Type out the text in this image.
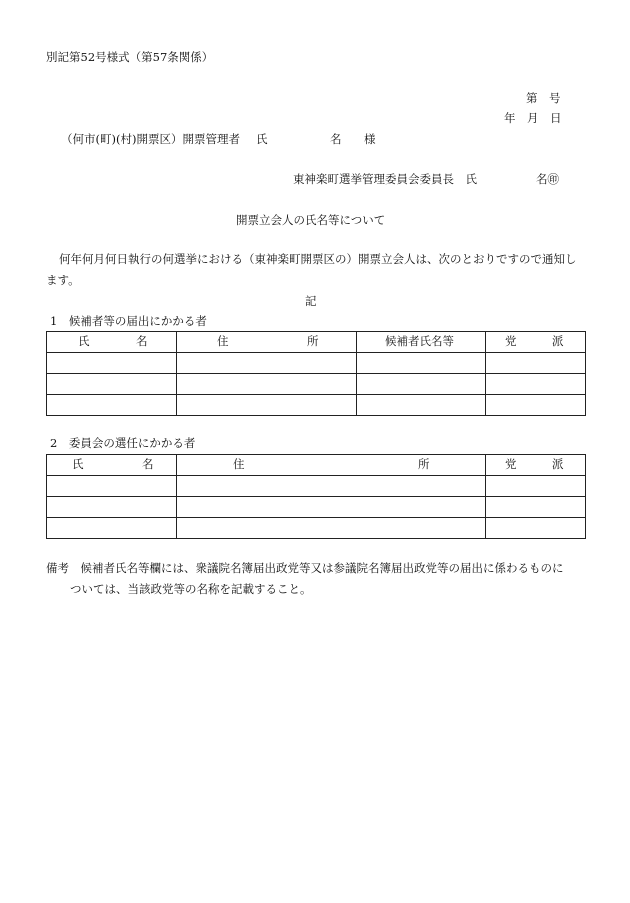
別記第52号様式（第57条関係）
第　号
年　月　日
（何市(町)(村)開票区）開票管理者 氏	名 様
東神楽町選挙管理委員会委員長　氏	名㊞
開票立会人の氏名等について
何年何月何日執行の何選挙における（東神楽町開票区の）開票立会人は、次のとおりですので通知し
ます。
記
1　候補者等の届出にかかる者
氏 名	住 所	候補者氏名等	党 派

2　委員会の選任にかかる者
氏 名	住 所	党 派

備考　候補者氏名等欄には、衆議院名簿届出政党等又は参議院名簿届出政党等の届出に係わるものに
ついては、当該政党等の名称を記載すること。
